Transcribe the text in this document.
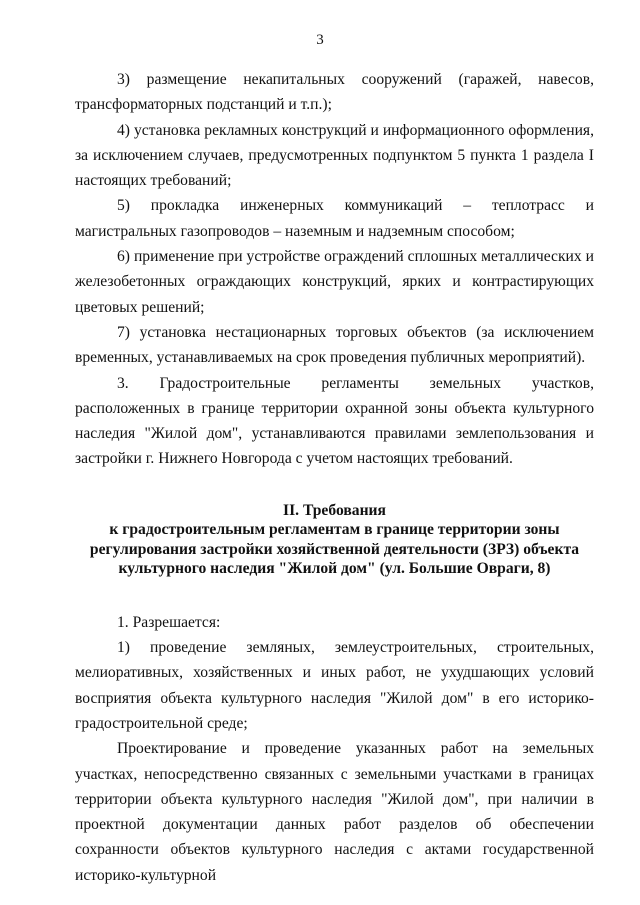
3

3) размещение некапитальных сооружений (гаражей, навесов, трансформаторных подстанций и т.п.);

4) установка рекламных конструкций и информационного оформления, за исключением случаев, предусмотренных подпунктом 5 пункта 1 раздела I настоящих требований;

5) прокладка инженерных коммуникаций – теплотрасс и магистральных газопроводов – наземным и надземным способом;

6) применение при устройстве ограждений сплошных металлических и железобетонных ограждающих конструкций, ярких и контрастирующих цветовых решений;

7) установка нестационарных торговых объектов (за исключением временных, устанавливаемых на срок проведения публичных мероприятий).

3. Градостроительные регламенты земельных участков, расположенных в границе территории охранной зоны объекта культурного наследия "Жилой дом", устанавливаются правилами землепользования и застройки г. Нижнего Новгорода с учетом настоящих требований.

II. Требования
к градостроительным регламентам в границе территории зоны
регулирования застройки хозяйственной деятельности (ЗРЗ) объекта
культурного наследия "Жилой дом" (ул. Большие Овраги, 8)

1. Разрешается:

1) проведение земляных, землеустроительных, строительных, мелиоративных, хозяйственных и иных работ, не ухудшающих условий восприятия объекта культурного наследия "Жилой дом" в его историко-градостроительной среде;

Проектирование и проведение указанных работ на земельных участках, непосредственно связанных с земельными участками в границах территории объекта культурного наследия "Жилой дом", при наличии в проектной документации данных работ разделов об обеспечении сохранности объектов культурного наследия с актами государственной историко-культурной
